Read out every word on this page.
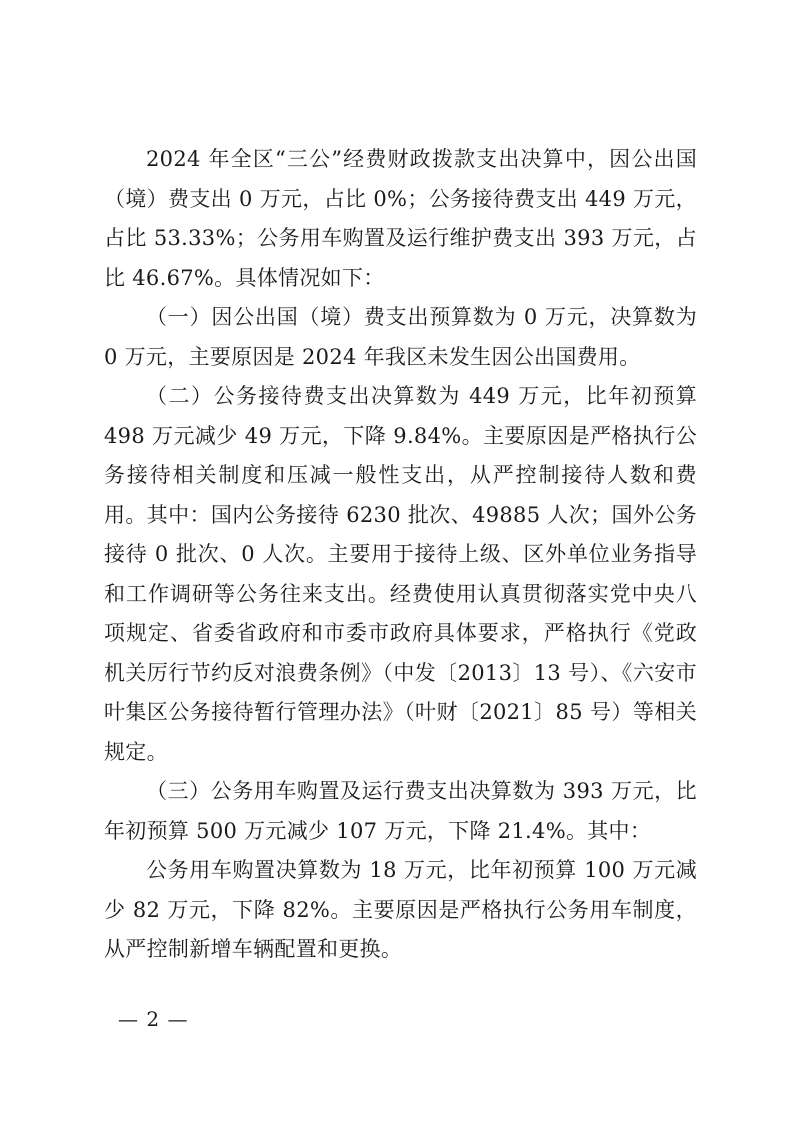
2024 年全区“三公”经费财政拨款支出决算中，因公出国（境）费支出 0 万元，占比 0%；公务接待费支出 449 万元，占比 53.33%；公务用车购置及运行维护费支出 393 万元，占比 46.67%。具体情况如下：

（一）因公出国（境）费支出预算数为 0 万元，决算数为 0 万元，主要原因是 2024 年我区未发生因公出国费用。

（二）公务接待费支出决算数为 449 万元，比年初预算 498 万元减少 49 万元，下降 9.84%。主要原因是严格执行公务接待相关制度和压减一般性支出，从严控制接待人数和费用。其中：国内公务接待 6230 批次、49885 人次；国外公务接待 0 批次、0 人次。主要用于接待上级、区外单位业务指导和工作调研等公务往来支出。经费使用认真贯彻落实党中央八项规定、省委省政府和市委市政府具体要求，严格执行《党政机关厉行节约反对浪费条例》（中发〔2013〕13 号）、《六安市叶集区公务接待暂行管理办法》（叶财〔2021〕85 号）等相关规定。

（三）公务用车购置及运行费支出决算数为 393 万元，比年初预算 500 万元减少 107 万元，下降 21.4%。其中：

公务用车购置决算数为 18 万元，比年初预算 100 万元减少 82 万元，下降 82%。主要原因是严格执行公务用车制度，从严控制新增车辆配置和更换。

— 2 —
